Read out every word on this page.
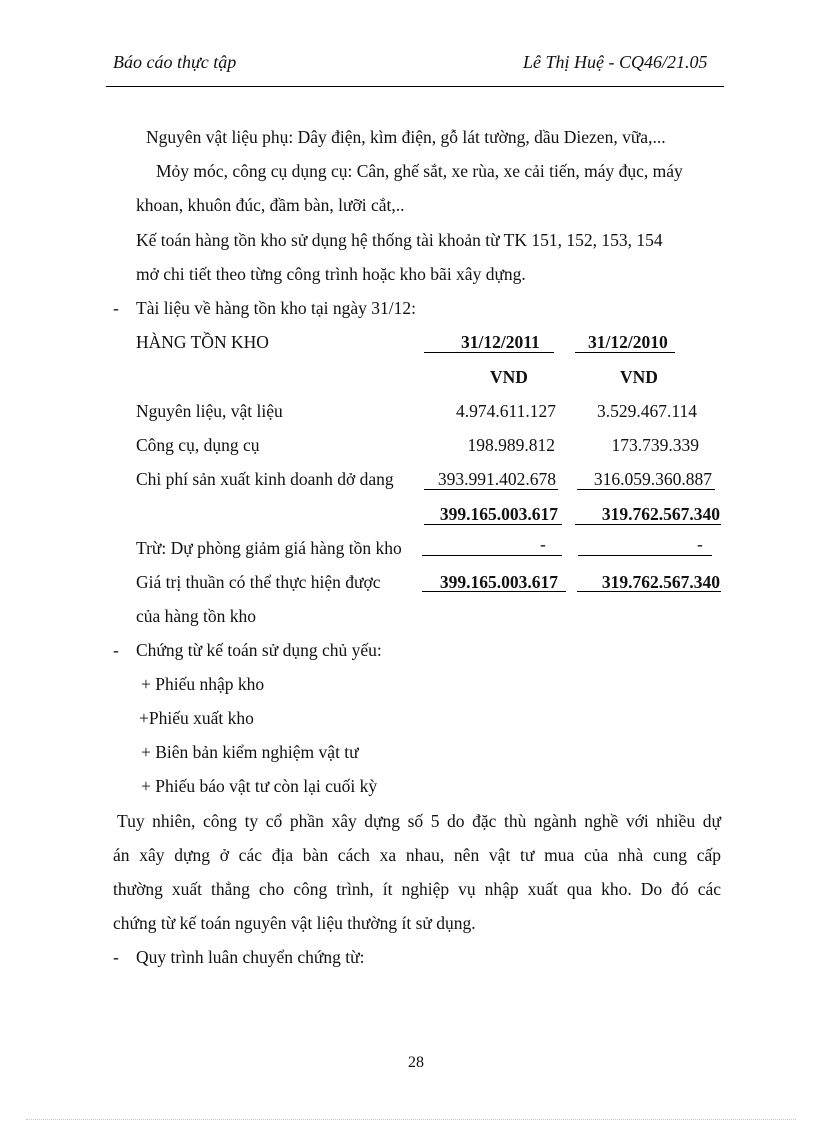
Báo cáo thực tập	Lê Thị Huệ - CQ46/21.05
Nguyên vật liệu phụ: Dây điện, kìm điện, gỗ lát tường, dầu Diezen, vữa,...
Mỏy móc, công cụ dụng cụ: Cân, ghế sắt, xe rùa, xe cải tiến, máy đục, máy
khoan, khuôn đúc, đầm bàn, lưỡi cắt,..
Kế toán hàng tồn kho sử dụng hệ thống tài khoản từ TK 151, 152, 153, 154
mở chi tiết theo từng công trình hoặc kho bãi xây dựng.
- Tài liệu về hàng tồn kho tại ngày 31/12:
HÀNG TỒN KHO	31/12/2011	31/12/2010
VND	VND
Nguyên liệu, vật liệu	4.974.611.127 3.529.467.114
Công cụ, dụng cụ	198.989.812	173.739.339
Chi phí sản xuất kinh doanh dở dang	393.991.402.678 316.059.360.887
399.165.003.617	319.762.567.340
Trừ: Dự phòng giảm giá hàng tồn kho	-	-
Giá trị thuần có thể thực hiện được	399.165.003.617	319.762.567.340
của hàng tồn kho
- Chứng từ kế toán sử dụng chủ yếu:
+ Phiếu nhập kho
+Phiếu xuất kho
+ Biên bản kiểm nghiệm vật tư
+ Phiếu báo vật tư còn lại cuối kỳ
Tuy nhiên, công ty cổ phần xây dựng số 5 do đặc thù ngành nghề với nhiều dự
án xây dựng ở các địa bàn cách xa nhau, nên vật tư mua của nhà cung cấp
thường xuất thẳng cho công trình, ít nghiệp vụ nhập xuất qua kho. Do đó các
chứng từ kế toán nguyên vật liệu thường ít sử dụng.
- Quy trình luân chuyển chứng từ:
28
